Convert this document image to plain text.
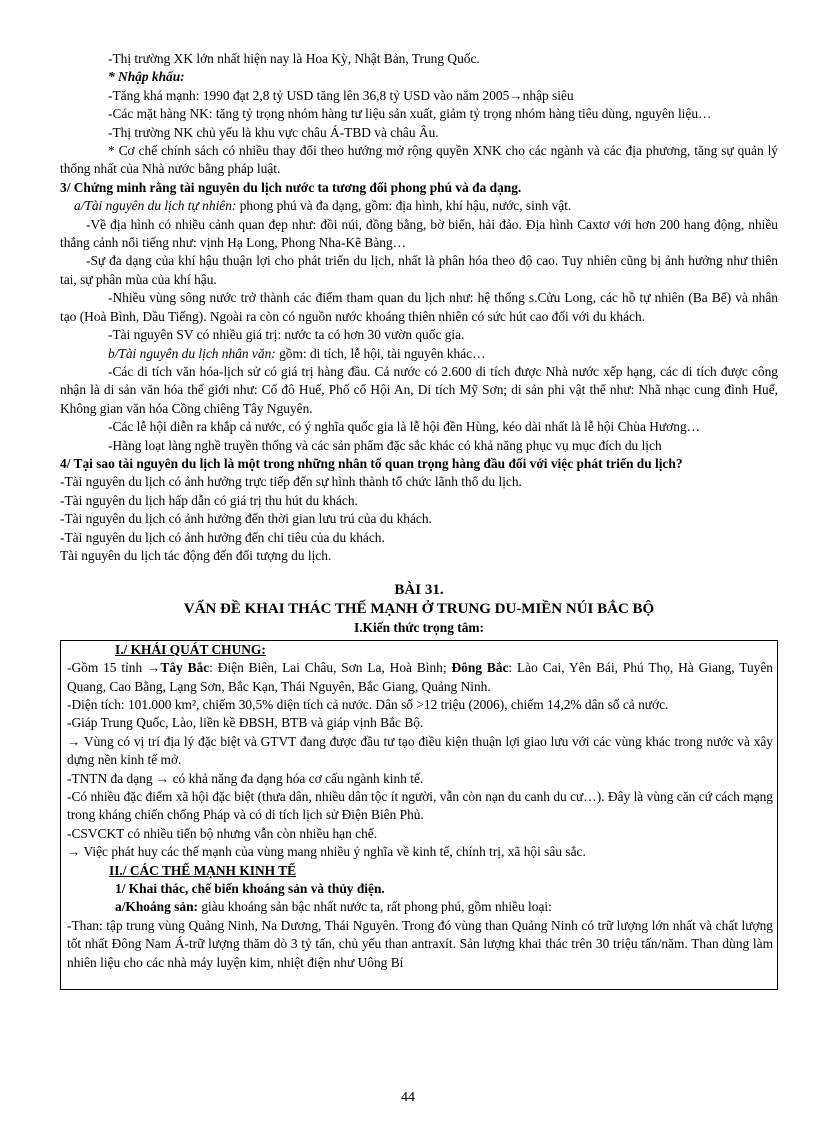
-Thị trường XK lớn nhất hiện nay là Hoa Kỳ, Nhật Bản, Trung Quốc.

* Nhập khẩu:

-Tăng khá mạnh: 1990 đạt 2,8 tỷ USD tăng lên 36,8 tỷ USD vào năm 2005→nhập siêu

-Các mặt hàng NK: tăng tỷ trọng nhóm hàng tư liệu sản xuất, giảm tỷ trọng nhóm hàng tiêu dùng, nguyên liệu…

-Thị trường NK chủ yếu là khu vực châu Á-TBD và châu Âu.

* Cơ chế chính sách có nhiều thay đổi theo hướng mở rộng quyền XNK cho các ngành và các địa phương, tăng sự quản lý thống nhất của Nhà nước bằng pháp luật.

3/ Chứng minh rằng tài nguyên du lịch nước ta tương đối phong phú và đa dạng.

a/Tài nguyên du lịch tự nhiên: phong phú và đa dạng, gồm: địa hình, khí hậu, nước, sinh vật.

-Về địa hình có nhiều cảnh quan đẹp như: đồi núi, đồng bằng, bờ biển, hải đảo. Địa hình Caxtơ với hơn 200 hang động, nhiều thắng cảnh nổi tiếng như: vịnh Hạ Long, Phong Nha-Kẽ Bàng…

-Sự đa dạng của khí hậu thuận lợi cho phát triển du lịch, nhất là phân hóa theo độ cao. Tuy nhiên cũng bị ảnh hưởng như thiên tai, sự phân mùa của khí hậu.

-Nhiều vùng sông nước trở thành các điểm tham quan du lịch như: hệ thống s.Cửu Long, các hồ tự nhiên (Ba Bể) và nhân tạo (Hoà Bình, Dầu Tiếng). Ngoài ra còn có nguồn nước khoáng thiên nhiên có sức hút cao đối với du khách.

-Tài nguyên SV có nhiều giá trị: nước ta có hơn 30 vườn quốc gia.

b/Tài nguyên du lịch nhân văn: gồm: di tích, lễ hội, tài nguyên khác…

-Các di tích văn hóa-lịch sử có giá trị hàng đầu. Cả nước có 2.600 di tích được Nhà nước xếp hạng, các di tích được công nhận là di sản văn hóa thế giới như: Cố đô Huế, Phố cổ Hội An, Di tích Mỹ Sơn; di sản phi vật thể như: Nhã nhạc cung đình Huế, Không gian văn hóa Cồng chiêng Tây Nguyên.

-Các lễ hội diễn ra khắp cả nước, có ý nghĩa quốc gia là lễ hội đền Hùng, kéo dài nhất là lễ hội Chùa Hương…

-Hàng loạt làng nghề truyền thống và các sản phẩm đặc sắc khác có khả năng phục vụ mục đích du lịch

4/ Tại sao tài nguyên du lịch là một trong những nhân tố quan trọng hàng đầu đối với việc phát triển du lịch?

-Tài nguyên du lịch có ảnh hưởng trực tiếp đến sự hình thành tổ chức lãnh thổ du lịch.

-Tài nguyên du lịch hấp dẫn có giá trị thu hút du khách.

-Tài nguyên du lịch có ảnh hưởng đến thời gian lưu trú của du khách.

-Tài nguyên du lịch có ảnh hưởng đến chi tiêu của du khách.

Tài nguyên du lịch tác động đến đối tượng du lịch.

BÀI 31.
VẤN ĐỀ KHAI THÁC THẾ MẠNH Ở TRUNG DU-MIỀN NÚI BẮC BỘ

I.Kiến thức trọng tâm:

I./ KHÁI QUÁT CHUNG:

-Gồm 15 tỉnh →Tây Bắc: Điện Biên, Lai Châu, Sơn La, Hoà Bình; Đông Bắc: Lào Cai, Yên Bái, Phú Thọ, Hà Giang, Tuyên Quang, Cao Bằng, Lạng Sơn, Bắc Kạn, Thái Nguyên, Bắc Giang, Quảng Ninh.

-Diện tích: 101.000 km², chiếm 30,5% diện tích cả nước. Dân số >12 triệu (2006), chiếm 14,2% dân số cả nước.

-Giáp Trung Quốc, Lào, liền kề ĐBSH, BTB và giáp vịnh Bắc Bộ.

→ Vùng có vị trí địa lý đặc biệt và GTVT đang được đầu tư tạo điều kiện thuận lợi giao lưu với các vùng khác trong nước và xây dựng nền kinh tế mở.

-TNTN đa dạng → có khả năng đa dạng hóa cơ cấu ngành kinh tế.

-Có nhiều đặc điểm xã hội đặc biệt (thưa dân, nhiều dân tộc ít người, vẫn còn nạn du canh du cư…). Đây là vùng căn cứ cách mạng trong kháng chiến chống Pháp và có di tích lịch sử Điện Biên Phủ.

-CSVCKT có nhiều tiến bộ nhưng vẫn còn nhiều hạn chế.

→ Việc phát huy các thế mạnh của vùng mang nhiều ý nghĩa về kinh tế, chính trị, xã hội sâu sắc.

II./ CÁC THẾ MẠNH KINH TẾ

1/ Khai thác, chế biến khoáng sản và thủy điện.

a/Khoáng sản: giàu khoáng sản bậc nhất nước ta, rất phong phú, gồm nhiều loại:

-Than: tập trung vùng Quảng Ninh, Na Dương, Thái Nguyên. Trong đó vùng than Quảng Ninh có trữ lượng lớn nhất và chất lượng tốt nhất Đông Nam Á-trữ lượng thăm dò 3 tỷ tấn, chủ yếu than antraxít. Sản lượng khai thác trên 30 triệu tấn/năm. Than dùng làm nhiên liệu cho các nhà máy luyện kim, nhiệt điện như Uông Bí

44
